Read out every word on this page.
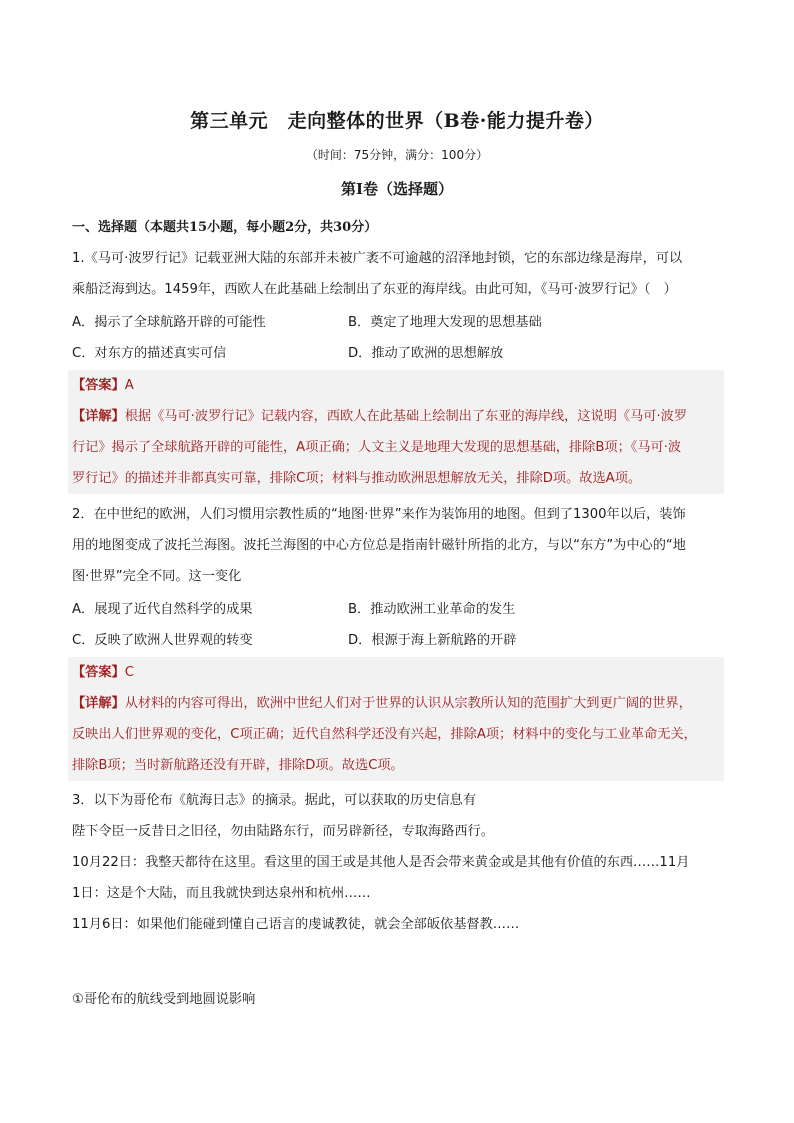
第三单元　走向整体的世界（B卷·能力提升卷）
（时间：75分钟，满分：100分）
第Ⅰ卷（选择题）
一、选择题（本题共15小题，每小题2分，共30分）

1.《马可·波罗行记》记载亚洲大陆的东部并未被广袤不可逾越的沼泽地封锁，它的东部边缘是海岸，可以

乘船泛海到达。1459年，西欧人在此基础上绘制出了东亚的海岸线。由此可知，《马可·波罗行记》（　）

A．揭示了全球航路开辟的可能性	B．奠定了地理大发现的思想基础
C．对东方的描述真实可信	D．推动了欧洲的思想解放

【答案】A

【详解】根据《马可·波罗行记》记载内容，西欧人在此基础上绘制出了东亚的海岸线，这说明《马可·波罗

行记》揭示了全球航路开辟的可能性，A项正确；人文主义是地理大发现的思想基础，排除B项；《马可·波

罗行记》的描述并非都真实可靠，排除C项；材料与推动欧洲思想解放无关，排除D项。故选A项。

2．在中世纪的欧洲，人们习惯用宗教性质的“地图·世界”来作为装饰用的地图。但到了1300年以后，装饰

用的地图变成了波托兰海图。波托兰海图的中心方位总是指南针磁针所指的北方，与以“东方”为中心的“地

图·世界”完全不同。这一变化

A．展现了近代自然科学的成果	B．推动欧洲工业革命的发生
C．反映了欧洲人世界观的转变	D．根源于海上新航路的开辟

【答案】C

【详解】从材料的内容可得出，欧洲中世纪人们对于世界的认识从宗教所认知的范围扩大到更广阔的世界，

反映出人们世界观的变化，C项正确；近代自然科学还没有兴起，排除A项；材料中的变化与工业革命无关，

排除B项；当时新航路还没有开辟，排除D项。故选C项。

3．以下为哥伦布《航海日志》的摘录。据此，可以获取的历史信息有

陛下令臣一反昔日之旧径，勿由陆路东行，而另辟新径，专取海路西行。

10月22日：我整天都待在这里。看这里的国王或是其他人是否会带来黄金或是其他有价值的东西……11月

1日：这是个大陆，而且我就快到达泉州和杭州……

11月6日：如果他们能碰到懂自己语言的虔诚教徒，就会全部皈依基督教……

①哥伦布的航线受到地圆说影响
